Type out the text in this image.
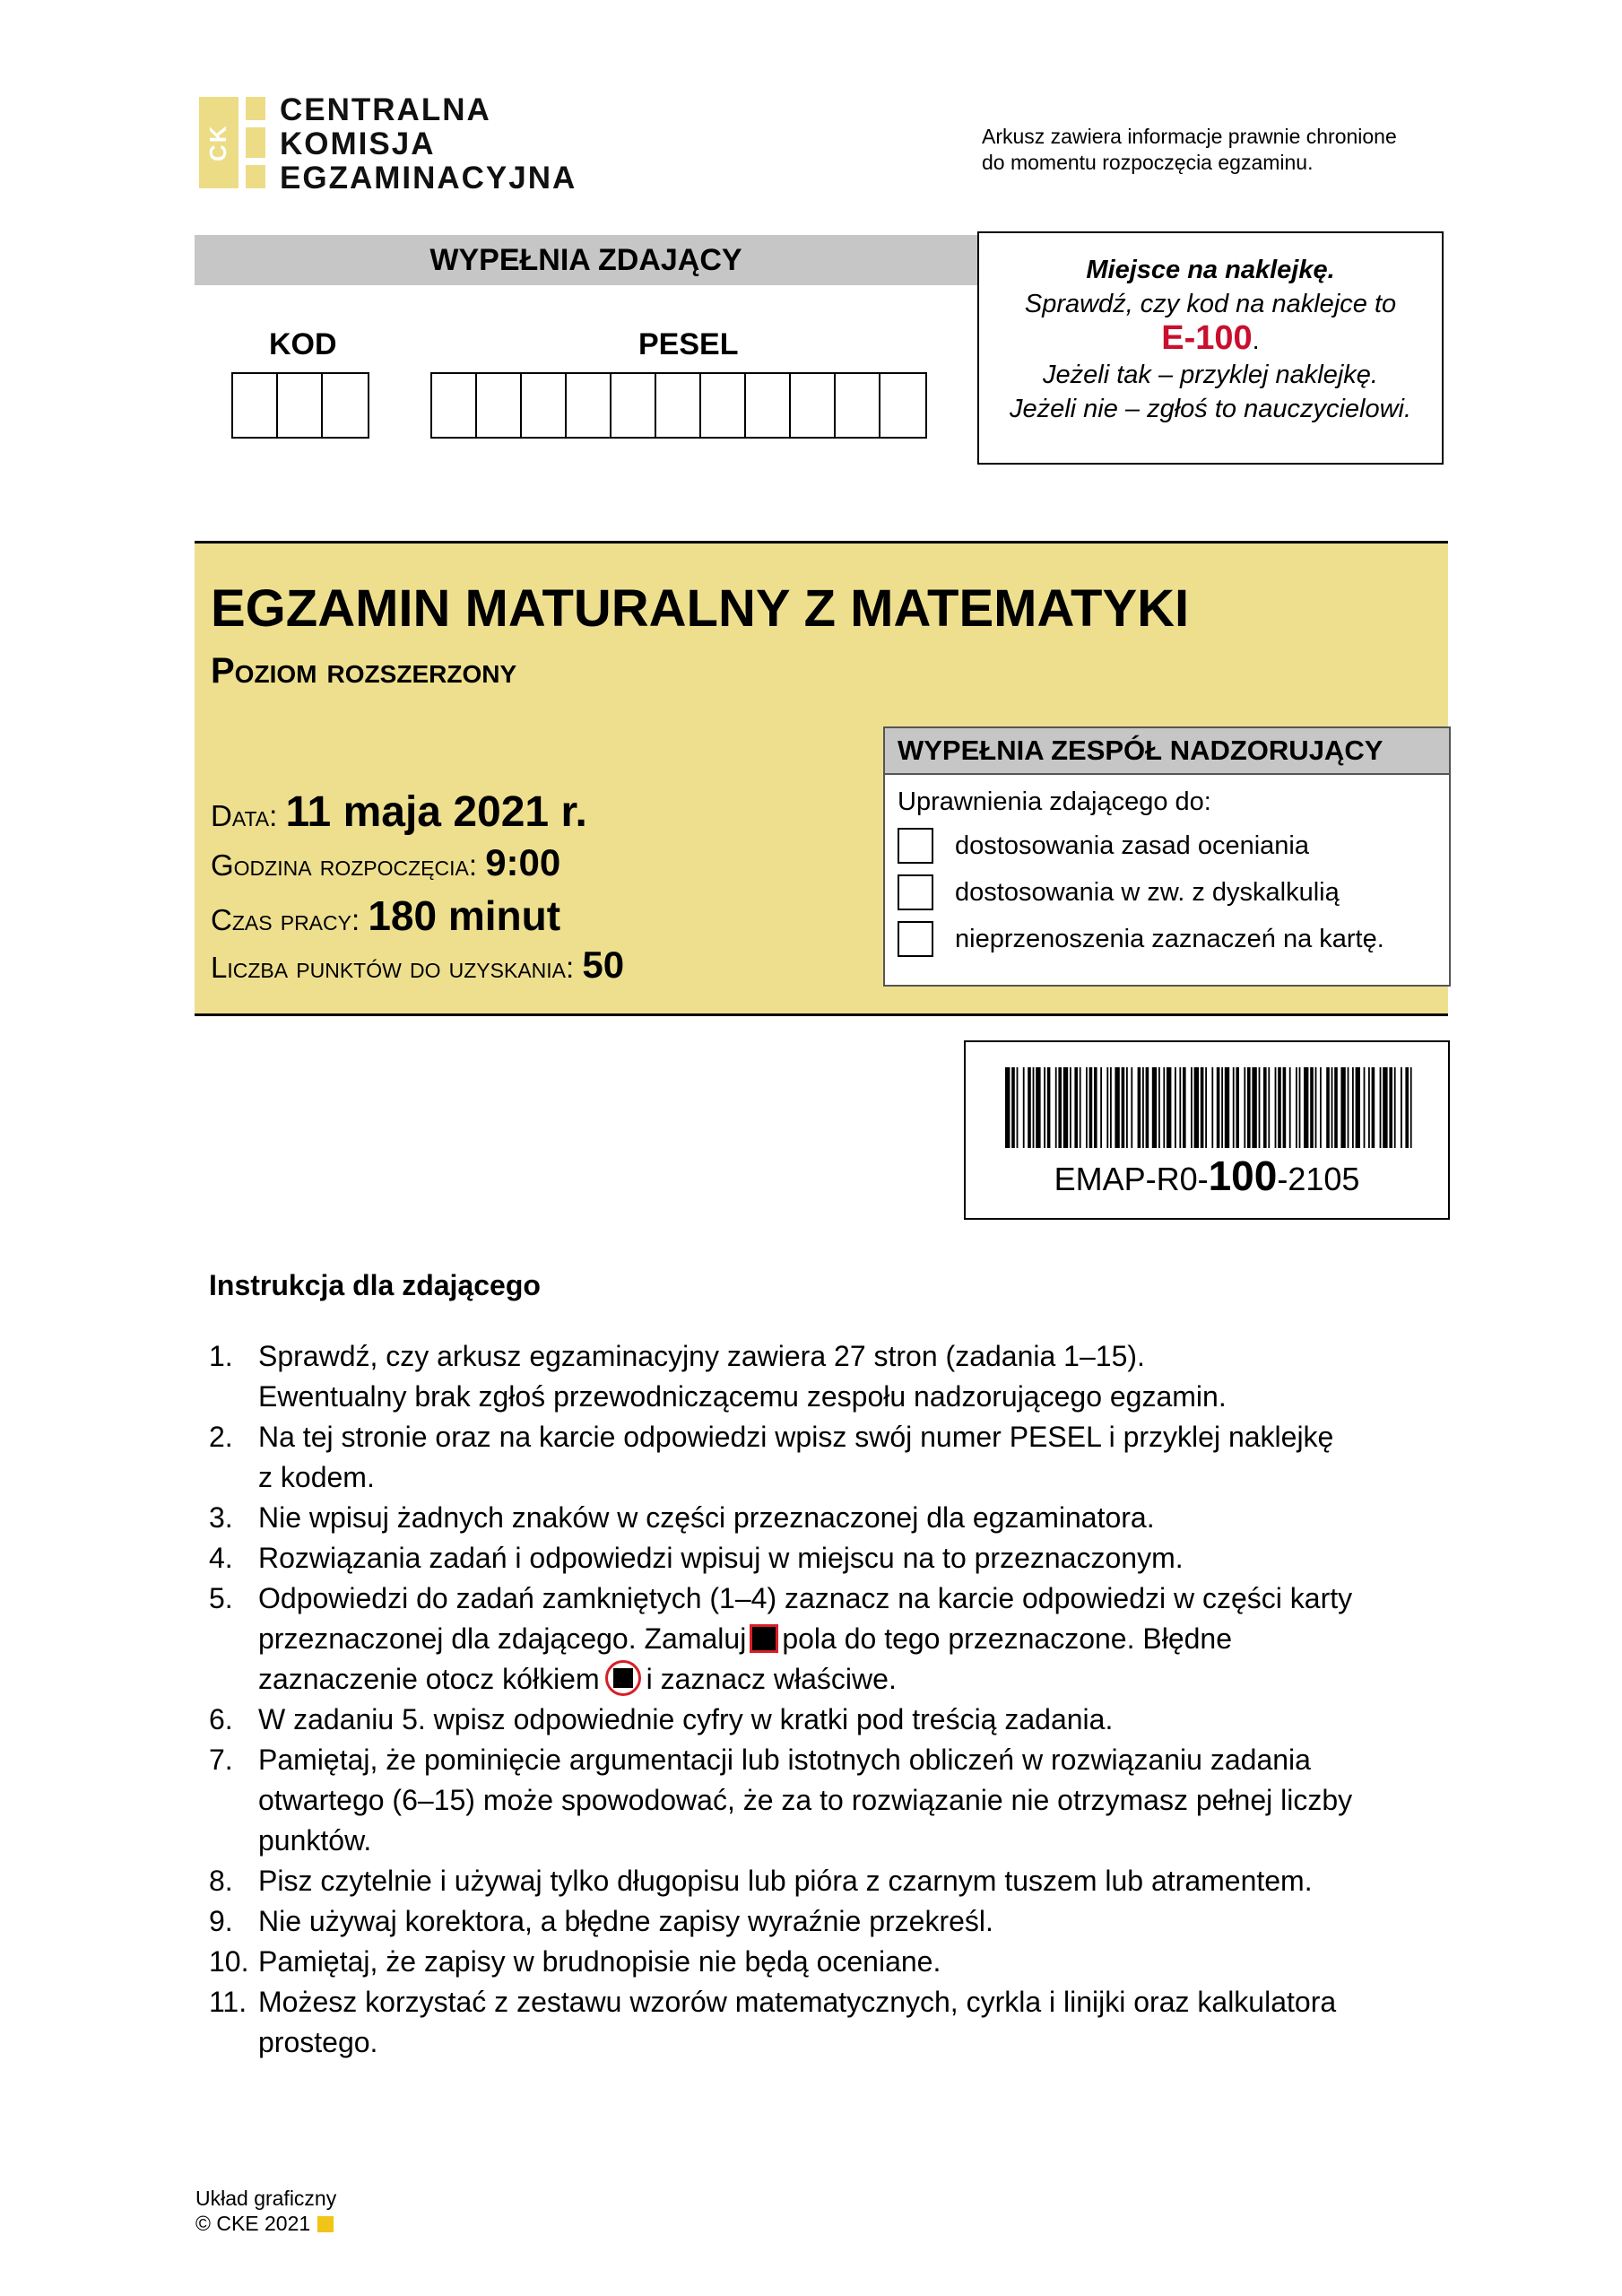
CK
CENTRALNA
KOMISJA
EGZAMINACYJNA
Arkusz zawiera informacje prawnie chronione
do momentu rozpoczęcia egzaminu.
WYPEŁNIA ZDAJĄCY
KOD	PESEL
Miejsce na naklejkę.
Sprawdź, czy kod na naklejce to
E-100.
Jeżeli tak – przyklej naklejkę.
Jeżeli nie – zgłoś to nauczycielowi.
EGZAMIN MATURALNY Z MATEMATYKI
Poziom rozszerzony
Data: 11 maja 2021 r.
Godzina rozpoczęcia: 9:00
Czas pracy: 180 minut
Liczba punktów do uzyskania: 50
WYPEŁNIA ZESPÓŁ NADZORUJĄCY
Uprawnienia zdającego do:
dostosowania zasad oceniania
dostosowania w zw. z dyskalkulią
nieprzenoszenia zaznaczeń na kartę.
EMAP-R0-100-2105
Instrukcja dla zdającego
1. Sprawdź, czy arkusz egzaminacyjny zawiera 27 stron (zadania 1–15).
Ewentualny brak zgłoś przewodniczącemu zespołu nadzorującego egzamin.
2. Na tej stronie oraz na karcie odpowiedzi wpisz swój numer PESEL i przyklej naklejkę
z kodem.
3. Nie wpisuj żadnych znaków w części przeznaczonej dla egzaminatora.
4. Rozwiązania zadań i odpowiedzi wpisuj w miejscu na to przeznaczonym.
5. Odpowiedzi do zadań zamkniętych (1–4) zaznacz na karcie odpowiedzi w części karty
przeznaczonej dla zdającego. Zamaluj pola do tego przeznaczone. Błędne
zaznaczenie otocz kółkiem i zaznacz właściwe.
6. W zadaniu 5. wpisz odpowiednie cyfry w kratki pod treścią zadania.
7. Pamiętaj, że pominięcie argumentacji lub istotnych obliczeń w rozwiązaniu zadania
otwartego (6–15) może spowodować, że za to rozwiązanie nie otrzymasz pełnej liczby
punktów.
8. Pisz czytelnie i używaj tylko długopisu lub pióra z czarnym tuszem lub atramentem.
9. Nie używaj korektora, a błędne zapisy wyraźnie przekreśl.
10. Pamiętaj, że zapisy w brudnopisie nie będą oceniane.
11. Możesz korzystać z zestawu wzorów matematycznych, cyrkla i linijki oraz kalkulatora
prostego.
Układ graficzny
© CKE 2021
